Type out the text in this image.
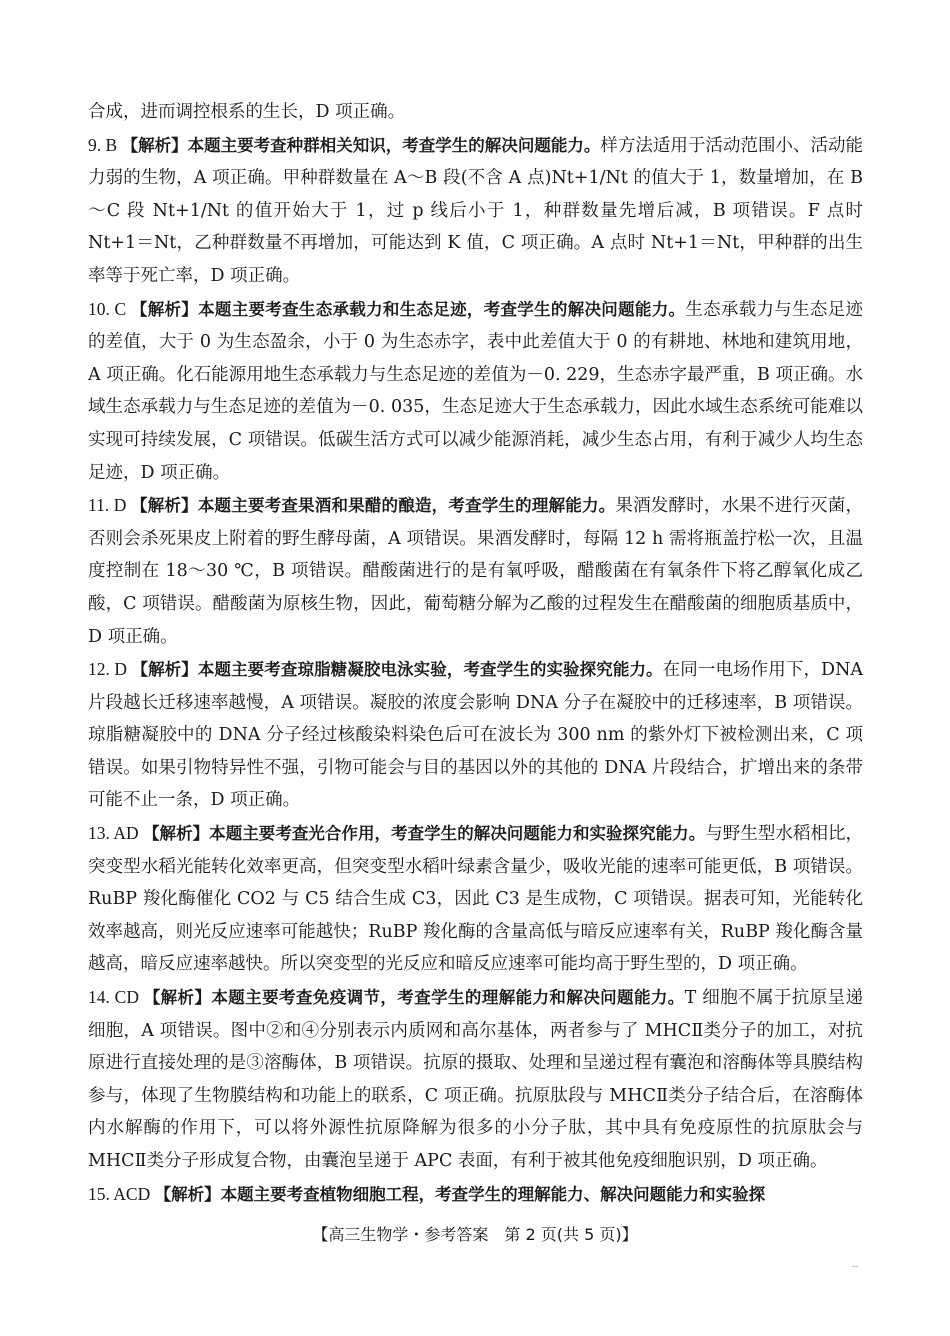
合成，进而调控根系的生长，D 项正确。

9. B 【解析】本题主要考查种群相关知识，考查学生的解决问题能力。样方法适用于活动范围小、活动能力弱的生物，A 项正确。甲种群数量在 A～B 段(不含 A 点)Nt+1/Nt 的值大于 1，数量增加，在 B～C 段 Nt+1/Nt 的值开始大于 1，过 p 线后小于 1，种群数量先增后减，B 项错误。F 点时 Nt+1＝Nt，乙种群数量不再增加，可能达到 K 值，C 项正确。A 点时 Nt+1＝Nt，甲种群的出生率等于死亡率，D 项正确。

10. C 【解析】本题主要考查生态承载力和生态足迹，考查学生的解决问题能力。生态承载力与生态足迹的差值，大于 0 为生态盈余，小于 0 为生态赤字，表中此差值大于 0 的有耕地、林地和建筑用地，A 项正确。化石能源用地生态承载力与生态足迹的差值为－0. 229，生态赤字最严重，B 项正确。水域生态承载力与生态足迹的差值为－0. 035，生态足迹大于生态承载力，因此水域生态系统可能难以实现可持续发展，C 项错误。低碳生活方式可以减少能源消耗，减少生态占用，有利于减少人均生态足迹，D 项正确。

11. D 【解析】本题主要考查果酒和果醋的酿造，考查学生的理解能力。果酒发酵时，水果不进行灭菌，否则会杀死果皮上附着的野生酵母菌，A 项错误。果酒发酵时，每隔 12 h 需将瓶盖拧松一次，且温度控制在 18～30 ℃，B 项错误。醋酸菌进行的是有氧呼吸，醋酸菌在有氧条件下将乙醇氧化成乙酸，C 项错误。醋酸菌为原核生物，因此，葡萄糖分解为乙酸的过程发生在醋酸菌的细胞质基质中，D 项正确。

12. D 【解析】本题主要考查琼脂糖凝胶电泳实验，考查学生的实验探究能力。在同一电场作用下，DNA 片段越长迁移速率越慢，A 项错误。凝胶的浓度会影响 DNA 分子在凝胶中的迁移速率，B 项错误。琼脂糖凝胶中的 DNA 分子经过核酸染料染色后可在波长为 300 nm 的紫外灯下被检测出来，C 项错误。如果引物特异性不强，引物可能会与目的基因以外的其他的 DNA 片段结合，扩增出来的条带可能不止一条，D 项正确。

13. AD 【解析】本题主要考查光合作用，考查学生的解决问题能力和实验探究能力。与野生型水稻相比，突变型水稻光能转化效率更高，但突变型水稻叶绿素含量少，吸收光能的速率可能更低，B 项错误。RuBP 羧化酶催化 CO2 与 C5 结合生成 C3，因此 C3 是生成物，C 项错误。据表可知，光能转化效率越高，则光反应速率可能越快；RuBP 羧化酶的含量高低与暗反应速率有关，RuBP 羧化酶含量越高，暗反应速率越快。所以突变型的光反应和暗反应速率可能均高于野生型的，D 项正确。

14. CD 【解析】本题主要考查免疫调节，考查学生的理解能力和解决问题能力。T 细胞不属于抗原呈递细胞，A 项错误。图中②和④分别表示内质网和高尔基体，两者参与了 MHCⅡ类分子的加工，对抗原进行直接处理的是③溶酶体，B 项错误。抗原的摄取、处理和呈递过程有囊泡和溶酶体等具膜结构参与，体现了生物膜结构和功能上的联系，C 项正确。抗原肽段与 MHCⅡ类分子结合后，在溶酶体内水解酶的作用下，可以将外源性抗原降解为很多的小分子肽，其中具有免疫原性的抗原肽会与 MHCⅡ类分子形成复合物，由囊泡呈递于 APC 表面，有利于被其他免疫细胞识别，D 项正确。

15. ACD 【解析】本题主要考查植物细胞工程，考查学生的理解能力、解决问题能力和实验探

【高三生物学・参考答案　第 2 页(共 5 页)】
--
